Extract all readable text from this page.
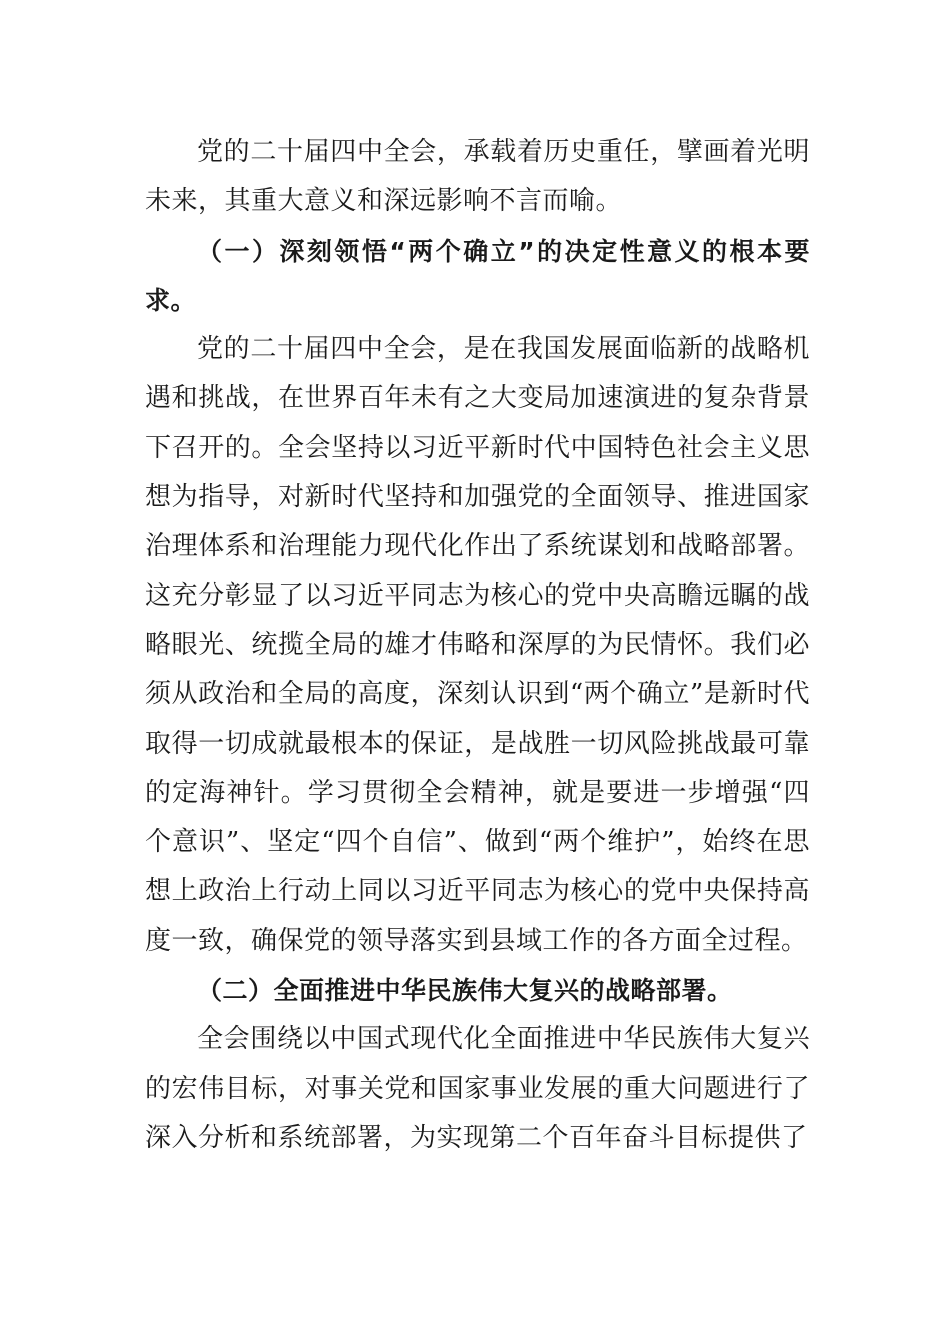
党的二十届四中全会，承载着历史重任，擘画着光明未来，其重大意义和深远影响不言而喻。

（一）深刻领悟“两个确立”的决定性意义的根本要求。

党的二十届四中全会，是在我国发展面临新的战略机遇和挑战，在世界百年未有之大变局加速演进的复杂背景下召开的。全会坚持以习近平新时代中国特色社会主义思想为指导，对新时代坚持和加强党的全面领导、推进国家治理体系和治理能力现代化作出了系统谋划和战略部署。这充分彰显了以习近平同志为核心的党中央高瞻远瞩的战略眼光、统揽全局的雄才伟略和深厚的为民情怀。我们必须从政治和全局的高度，深刻认识到“两个确立”是新时代取得一切成就最根本的保证，是战胜一切风险挑战最可靠的定海神针。学习贯彻全会精神，就是要进一步增强“四个意识”、坚定“四个自信”、做到“两个维护”，始终在思想上政治上行动上同以习近平同志为核心的党中央保持高度一致，确保党的领导落实到县域工作的各方面全过程。

（二）全面推进中华民族伟大复兴的战略部署。

全会围绕以中国式现代化全面推进中华民族伟大复兴的宏伟目标，对事关党和国家事业发展的重大问题进行了深入分析和系统部署，为实现第二个百年奋斗目标提供了
